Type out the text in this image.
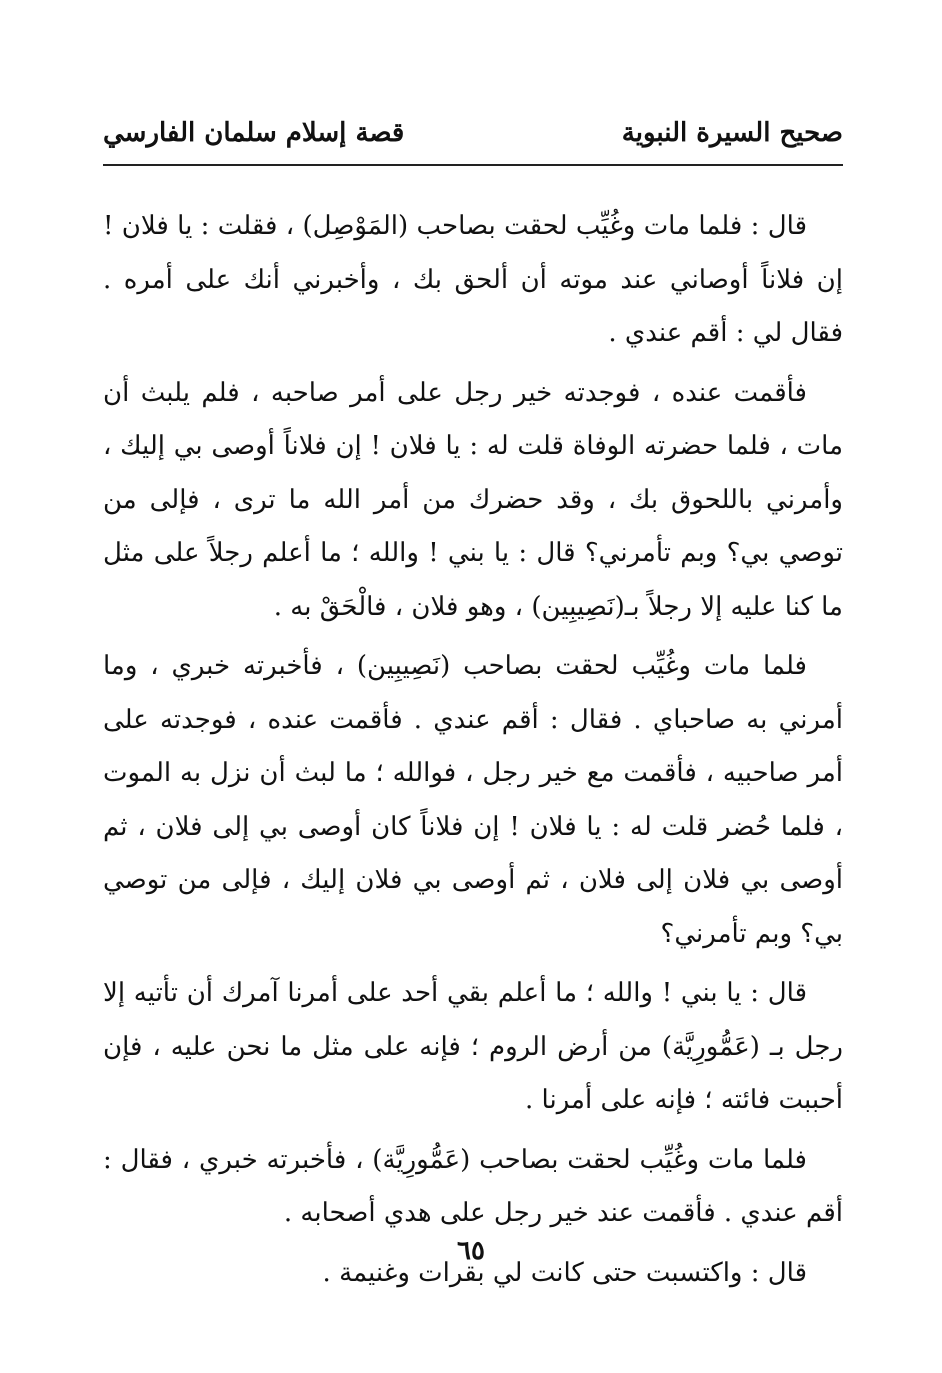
صحيح السيرة النبوية
قصة إسلام سلمان الفارسي

قال : فلما مات وغُيِّب لحقت بصاحب (المَوْصِل) ، فقلت : يا فلان ! إن فلاناً أوصاني عند موته أن ألحق بك ، وأخبرني أنك على أمره . فقال لي : أقم عندي .

فأقمت عنده ، فوجدته خير رجل على أمر صاحبه ، فلم يلبث أن مات ، فلما حضرته الوفاة قلت له : يا فلان ! إن فلاناً أوصى بي إليك ، وأمرني باللحوق بك ، وقد حضرك من أمر الله ما ترى ، فإلى من توصي بي؟ وبم تأمرني؟ قال : يا بني ! والله ؛ ما أعلم رجلاً على مثل ما كنا عليه إلا رجلاً بـ(نَصِيبِين) ، وهو فلان ، فالْحَقْ به .

فلما مات وغُيِّب لحقت بصاحب (نَصِيبِين) ، فأخبرته خبري ، وما أمرني به صاحباي . فقال : أقم عندي . فأقمت عنده ، فوجدته على أمر صاحبيه ، فأقمت مع خير رجل ، فوالله ؛ ما لبث أن نزل به الموت ، فلما حُضر قلت له : يا فلان ! إن فلاناً كان أوصى بي إلى فلان ، ثم أوصى بي فلان إلى فلان ، ثم أوصى بي فلان إليك ، فإلى من توصي بي؟ وبم تأمرني؟

قال : يا بني ! والله ؛ ما أعلم بقي أحد على أمرنا آمرك أن تأتيه إلا رجل بـ (عَمُّورِيَّة) من أرض الروم ؛ فإنه على مثل ما نحن عليه ، فإن أحببت فائته ؛ فإنه على أمرنا .

فلما مات وغُيِّب لحقت بصاحب (عَمُّورِيَّة) ، فأخبرته خبري ، فقال : أقم عندي . فأقمت عند خير رجل على هدي أصحابه .

قال : واكتسبت حتى كانت لي بقرات وغنيمة .

٦٥
